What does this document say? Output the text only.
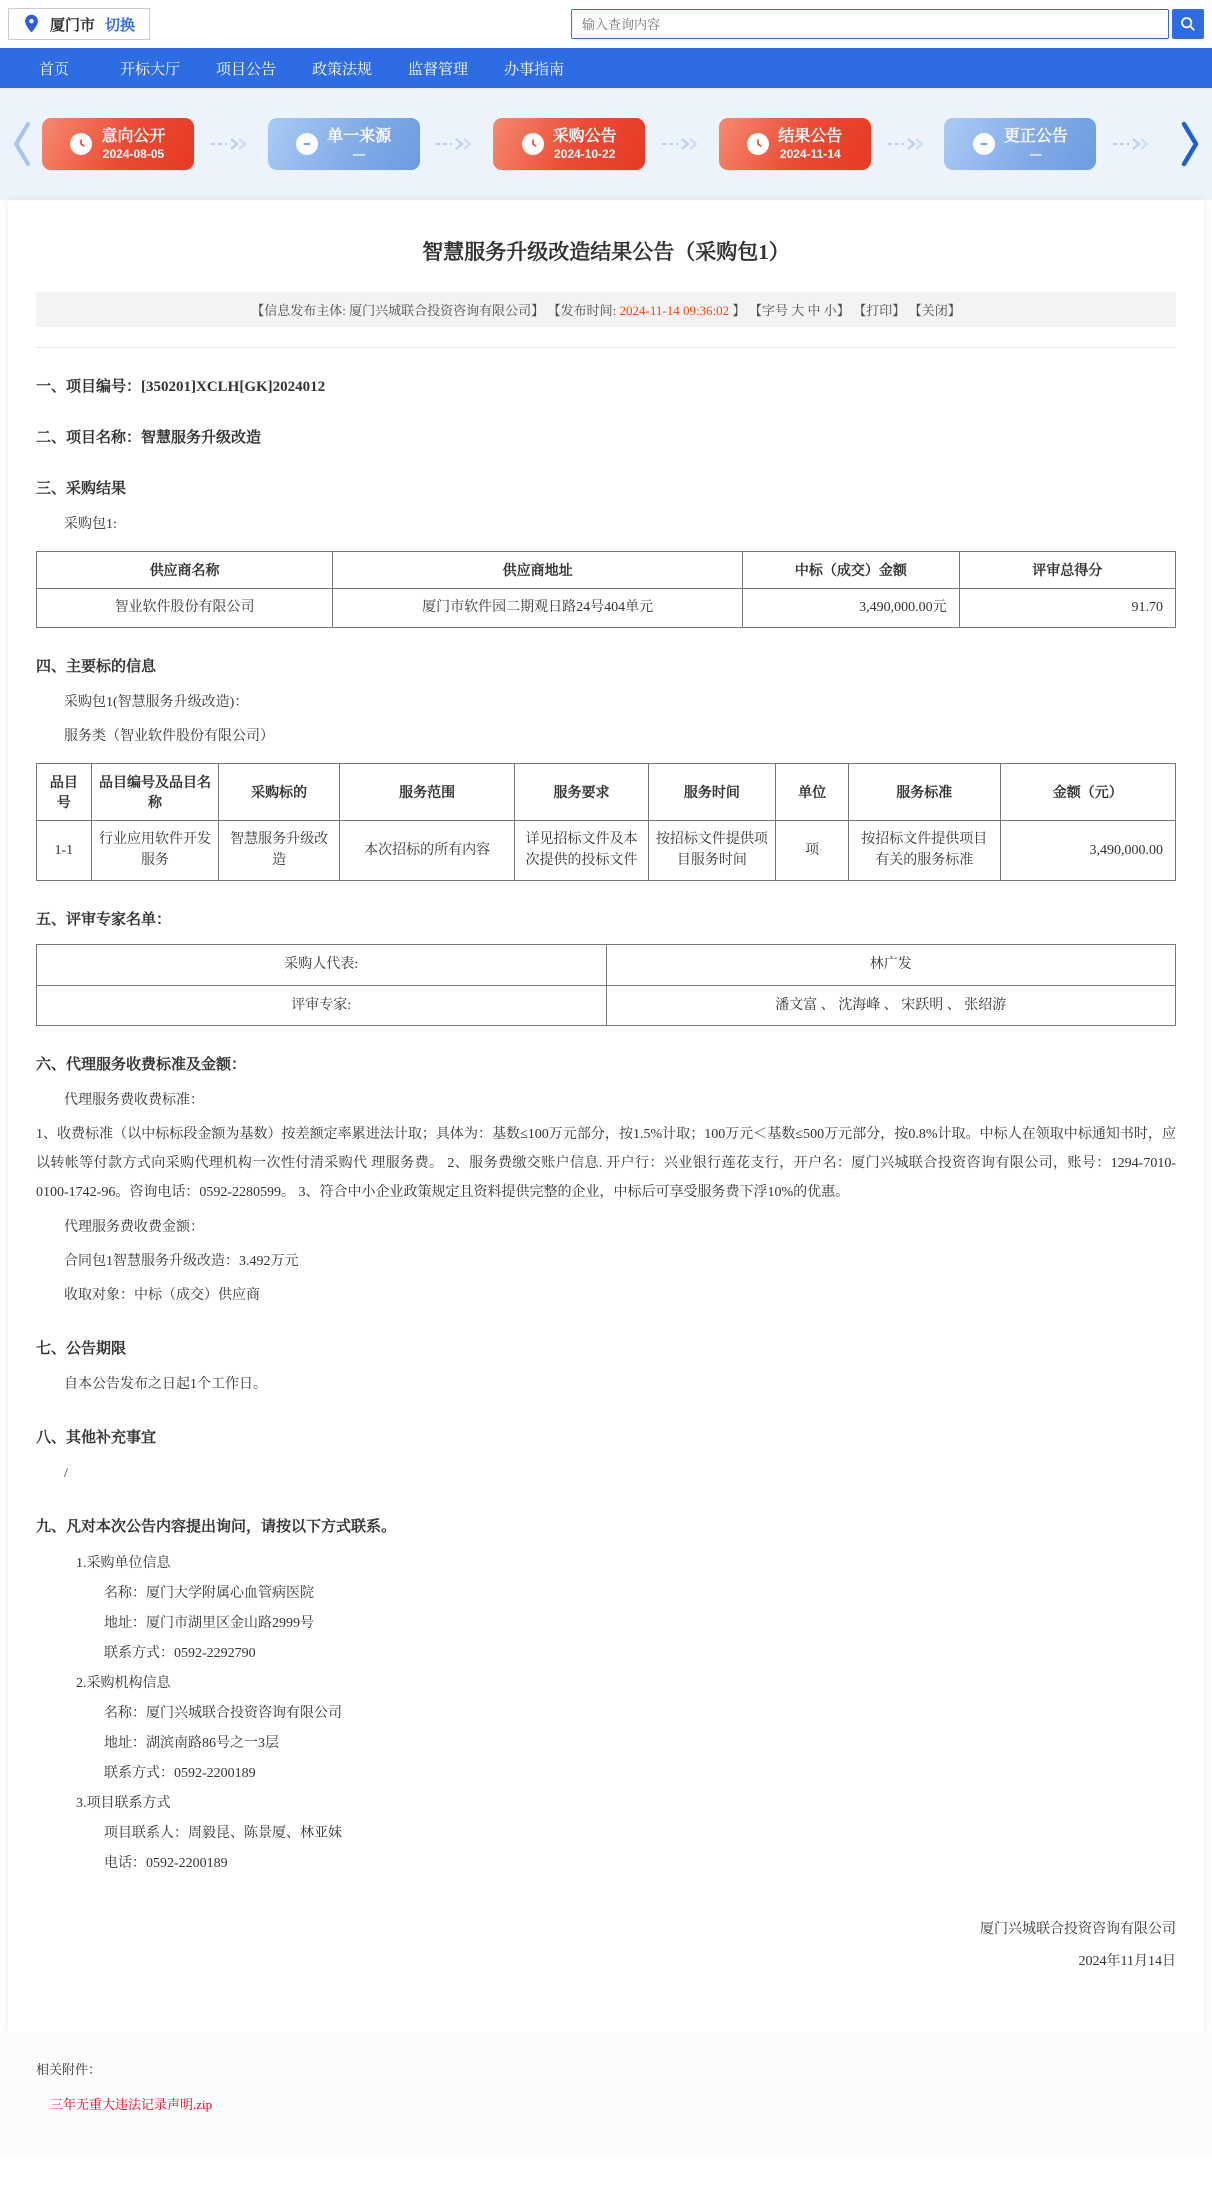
厦门市 切换
输入查询内容
首页	开标大厅	项目公告	政策法规	监督管理	办事指南
意向公开
2024-08-05
单一来源
—
采购公告
2024-10-22
结果公告
2024-11-14
更正公告
—
智慧服务升级改造结果公告（采购包1）
【信息发布主体: 厦门兴城联合投资咨询有限公司】 【发布时间: 2024-11-14 09:36:02 】 【字号 大 中 小】 【打印】 【关闭】
一、项目编号：[350201]XCLH[GK]2024012
二、项目名称：智慧服务升级改造
三、采购结果

采购包1:

供应商名称	供应商地址	中标（成交）金额	评审总得分
智业软件股份有限公司	厦门市软件园二期观日路24号404单元	3,490,000.00元	91.70
四、主要标的信息

采购包1(智慧服务升级改造)：

服务类（智业软件股份有限公司）

品目号	品目编号及品目名称	采购标的	服务范围	服务要求	服务时间	单位	服务标准	金额（元）
1-1	行业应用软件开发服务	智慧服务升级改造	本次招标的所有内容	详见招标文件及本次提供的投标文件	按招标文件提供项目服务时间	项	按招标文件提供项目有关的服务标准	3,490,000.00
五、评审专家名单：
采购人代表:	林广发
评审专家:	潘文富 、 沈海峰 、 宋跃明 、 张绍游
六、代理服务收费标准及金额：

代理服务费收费标准：

1、收费标准（以中标标段金额为基数）按差额定率累进法计取；具体为：基数≤100万元部分，按1.5%计取；100万元＜基数≤500万元部分，按0.8%计取。中标人在领取中标通知书时，应以转帐等付款方式向采购代理机构一次性付清采购代 理服务费。 2、服务费缴交账户信息. 开户行：兴业银行莲花支行，开户名：厦门兴城联合投资咨询有限公司，账号：1294-7010-0100-1742-96。咨询电话：0592-2280599。 3、符合中小企业政策规定且资料提供完整的企业，中标后可享受服务费下浮10%的优惠。

代理服务费收费金额：

合同包1智慧服务升级改造：3.492万元

收取对象：中标（成交）供应商

七、公告期限

自本公告发布之日起1个工作日。

八、其他补充事宜

/

九、凡对本次公告内容提出询问，请按以下方式联系。

1.采购单位信息

名称：厦门大学附属心血管病医院

地址：厦门市湖里区金山路2999号

联系方式：0592-2292790

2.采购机构信息

名称：厦门兴城联合投资咨询有限公司

地址：湖滨南路86号之一3层

联系方式：0592-2200189

3.项目联系方式

项目联系人：周毅昆、陈景厦、林亚妹

电话：0592-2200189

厦门兴城联合投资咨询有限公司
2024年11月14日
相关附件：
三年无重大违法记录声明.zip
